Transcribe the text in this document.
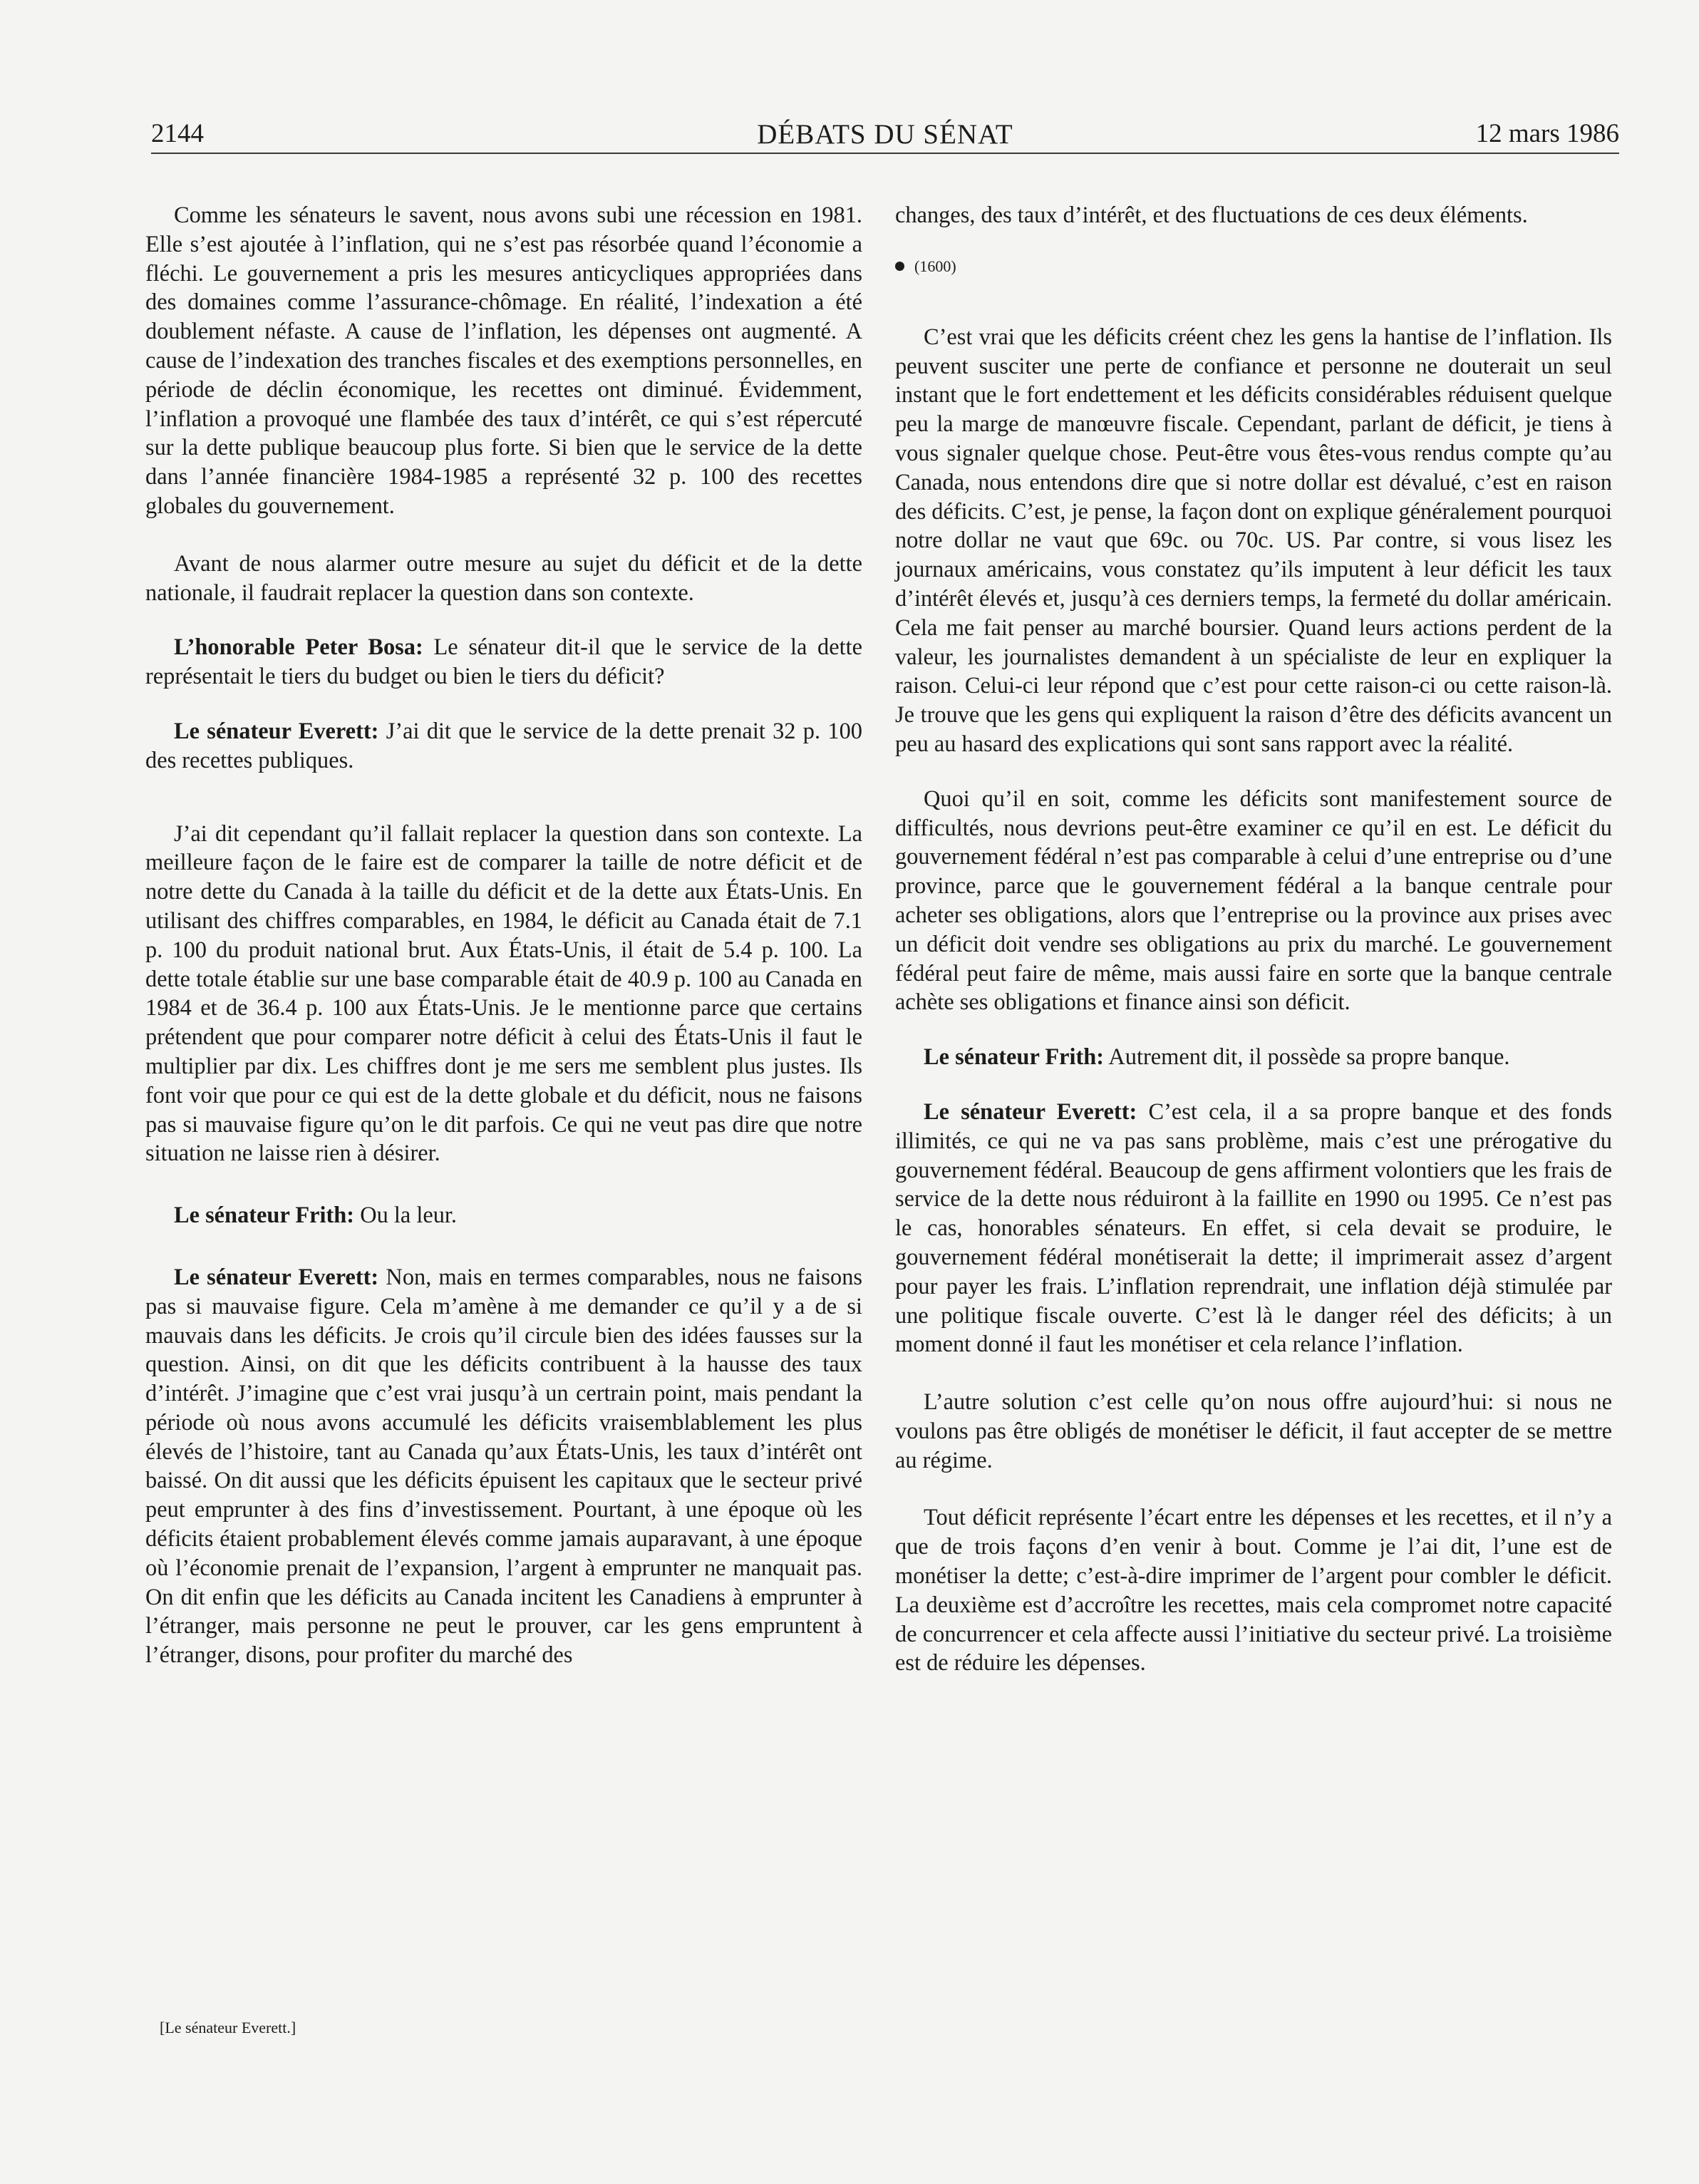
2144	DÉBATS DU SÉNAT	12 mars 1986

Comme les sénateurs le savent, nous avons subi une récession en 1981. Elle s’est ajoutée à l’inflation, qui ne s’est pas résorbée quand l’économie a fléchi. Le gouvernement a pris les mesures anticycliques appropriées dans des domaines comme l’assurance-chômage. En réalité, l’indexation a été doublement néfaste. A cause de l’inflation, les dépenses ont augmenté. A cause de l’indexation des tranches fiscales et des exemptions personnelles, en période de déclin économique, les recettes ont diminué. Évidemment, l’inflation a provoqué une flambée des taux d’intérêt, ce qui s’est répercuté sur la dette publique beaucoup plus forte. Si bien que le service de la dette dans l’année financière 1984-1985 a représenté 32 p. 100 des recettes globales du gouvernement.

Avant de nous alarmer outre mesure au sujet du déficit et de la dette nationale, il faudrait replacer la question dans son contexte.

L’honorable Peter Bosa: Le sénateur dit-il que le service de la dette représentait le tiers du budget ou bien le tiers du déficit?

Le sénateur Everett: J’ai dit que le service de la dette prenait 32 p. 100 des recettes publiques.

J’ai dit cependant qu’il fallait replacer la question dans son contexte. La meilleure façon de le faire est de comparer la taille de notre déficit et de notre dette du Canada à la taille du déficit et de la dette aux États-Unis. En utilisant des chiffres comparables, en 1984, le déficit au Canada était de 7.1 p. 100 du produit national brut. Aux États-Unis, il était de 5.4 p. 100. La dette totale établie sur une base comparable était de 40.9 p. 100 au Canada en 1984 et de 36.4 p. 100 aux États-Unis. Je le mentionne parce que certains prétendent que pour comparer notre déficit à celui des États-Unis il faut le multiplier par dix. Les chiffres dont je me sers me semblent plus justes. Ils font voir que pour ce qui est de la dette globale et du déficit, nous ne faisons pas si mauvaise figure qu’on le dit parfois. Ce qui ne veut pas dire que notre situation ne laisse rien à désirer.

Le sénateur Frith: Ou la leur.

Le sénateur Everett: Non, mais en termes comparables, nous ne faisons pas si mauvaise figure. Cela m’amène à me demander ce qu’il y a de si mauvais dans les déficits. Je crois qu’il circule bien des idées fausses sur la question. Ainsi, on dit que les déficits contribuent à la hausse des taux d’intérêt. J’imagine que c’est vrai jusqu’à un certrain point, mais pendant la période où nous avons accumulé les déficits vraisemblablement les plus élevés de l’histoire, tant au Canada qu’aux États-Unis, les taux d’intérêt ont baissé. On dit aussi que les déficits épuisent les capitaux que le secteur privé peut emprunter à des fins d’investissement. Pourtant, à une époque où les déficits étaient probablement élevés comme jamais auparavant, à une époque où l’économie prenait de l’expansion, l’argent à emprunter ne manquait pas. On dit enfin que les déficits au Canada incitent les Canadiens à emprunter à l’étranger, mais personne ne peut le prouver, car les gens empruntent à l’étranger, disons, pour profiter du marché des

[Le sénateur Everett.]

changes, des taux d’intérêt, et des fluctuations de ces deux éléments.

(1600)

C’est vrai que les déficits créent chez les gens la hantise de l’inflation. Ils peuvent susciter une perte de confiance et personne ne douterait un seul instant que le fort endettement et les déficits considérables réduisent quelque peu la marge de manœuvre fiscale. Cependant, parlant de déficit, je tiens à vous signaler quelque chose. Peut-être vous êtes-vous rendus compte qu’au Canada, nous entendons dire que si notre dollar est dévalué, c’est en raison des déficits. C’est, je pense, la façon dont on explique généralement pourquoi notre dollar ne vaut que 69c. ou 70c. US. Par contre, si vous lisez les journaux américains, vous constatez qu’ils imputent à leur déficit les taux d’intérêt élevés et, jusqu’à ces derniers temps, la fermeté du dollar américain. Cela me fait penser au marché boursier. Quand leurs actions perdent de la valeur, les journalistes demandent à un spécialiste de leur en expliquer la raison. Celui-ci leur répond que c’est pour cette raison-ci ou cette raison-là. Je trouve que les gens qui expliquent la raison d’être des déficits avancent un peu au hasard des explications qui sont sans rapport avec la réalité.

Quoi qu’il en soit, comme les déficits sont manifestement source de difficultés, nous devrions peut-être examiner ce qu’il en est. Le déficit du gouvernement fédéral n’est pas comparable à celui d’une entreprise ou d’une province, parce que le gouvernement fédéral a la banque centrale pour acheter ses obligations, alors que l’entreprise ou la province aux prises avec un déficit doit vendre ses obligations au prix du marché. Le gouvernement fédéral peut faire de même, mais aussi faire en sorte que la banque centrale achète ses obligations et finance ainsi son déficit.

Le sénateur Frith: Autrement dit, il possède sa propre banque.

Le sénateur Everett: C’est cela, il a sa propre banque et des fonds illimités, ce qui ne va pas sans problème, mais c’est une prérogative du gouvernement fédéral. Beaucoup de gens affirment volontiers que les frais de service de la dette nous réduiront à la faillite en 1990 ou 1995. Ce n’est pas le cas, honorables sénateurs. En effet, si cela devait se produire, le gouvernement fédéral monétiserait la dette; il imprimerait assez d’argent pour payer les frais. L’inflation reprendrait, une inflation déjà stimulée par une politique fiscale ouverte. C’est là le danger réel des déficits; à un moment donné il faut les monétiser et cela relance l’inflation.

L’autre solution c’est celle qu’on nous offre aujourd’hui: si nous ne voulons pas être obligés de monétiser le déficit, il faut accepter de se mettre au régime.

Tout déficit représente l’écart entre les dépenses et les recettes, et il n’y a que de trois façons d’en venir à bout. Comme je l’ai dit, l’une est de monétiser la dette; c’est-à-dire imprimer de l’argent pour combler le déficit. La deuxième est d’accroître les recettes, mais cela compromet notre capacité de concurrencer et cela affecte aussi l’initiative du secteur privé. La troisième est de réduire les dépenses.
